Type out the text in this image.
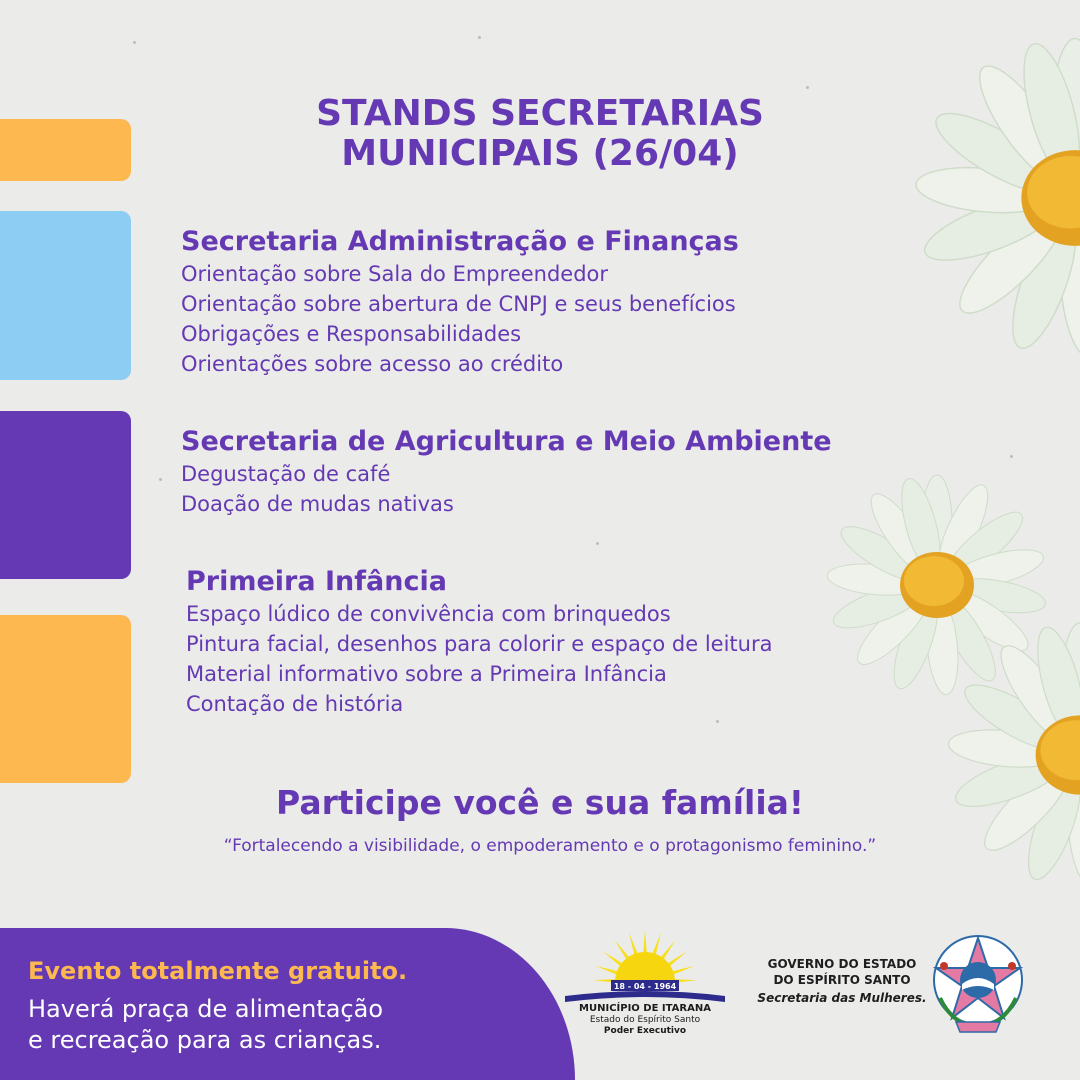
STANDS SECRETARIAS
MUNICIPAIS (26/04)
Secretaria Administração e Finanças
Orientação sobre Sala do Empreendedor
Orientação sobre abertura de CNPJ e seus benefícios
Obrigações e Responsabilidades
Orientações sobre acesso ao crédito
Secretaria de Agricultura e Meio Ambiente
Degustação de café
Doação de mudas nativas
Primeira Infância
Espaço lúdico de convivência com brinquedos
Pintura facial, desenhos para colorir e espaço de leitura
Material informativo sobre a Primeira Infância
Contação de história
Participe você e sua família!
“Fortalecendo a visibilidade, o empoderamento e o protagonismo feminino.”
Evento totalmente gratuito.
Haverá praça de alimentação
e recreação para as crianças.
18 - 04 - 1964
MUNICÍPIO DE ITARANA
Estado do Espírito Santo
Poder Executivo
GOVERNO DO ESTADO
DO ESPÍRITO SANTO
Secretaria das Mulheres.
